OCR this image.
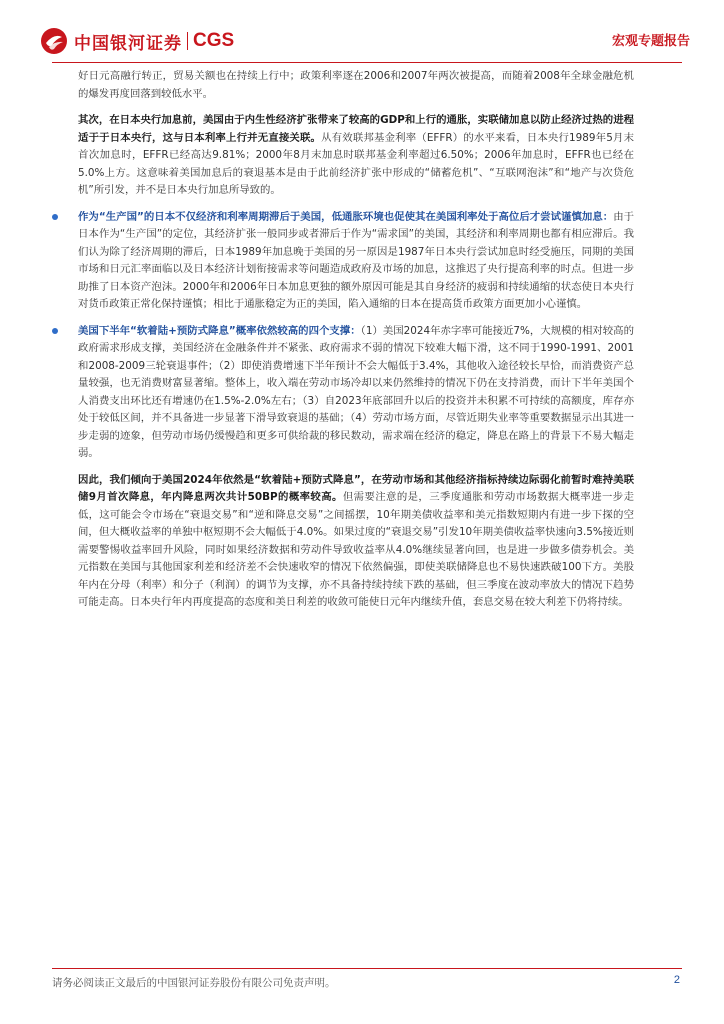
中国银河证券 CGS	宏观专题报告

好日元高融行转正，贸易关额也在持续上行中；政策利率逐在2006和2007年两次被提高，而随着2008年全球金融危机的爆发再度回落到较低水平。

其次，在日本央行加息前，美国由于内生性经济扩张带来了较高的GDP和上行的通胀，实联储加息以防止经济过热的进程适于于日本央行，这与日本利率上行并无直接关联。从有效联邦基金利率（EFFR）的水平来看，日本央行1989年5月末首次加息时，EFFR已经高达9.81%；2000年8月末加息时联邦基金利率超过6.50%；2006年加息时，EFFR也已经在5.0%上方。这意味着美国加息后的衰退基本是由于此前经济扩张中形成的“储蓄危机”、“互联网泡沫”和“地产与次贷危机”所引发，并不是日本央行加息所导致的。

作为“生产国”的日本不仅经济和利率周期滞后于美国，低通胀环境也促使其在美国利率处于高位后才尝试谨慎加息：由于日本作为“生产国”的定位，其经济扩张一般同步或者滞后于作为“需求国”的美国，其经济和利率周期也都有相应滞后。我们认为除了经济周期的滞后，日本1989年加息晚于美国的另一原因是1987年日本央行尝试加息时经受施压，同期的美国市场和日元汇率面临以及日本经济计划衔接需求等问题造成政府及市场的加息，这推迟了央行提高利率的时点。但进一步助推了日本资产泡沫。2000年和2006年日本加息更独的额外原因可能是其自身经济的疲弱和持续通缩的状态使日本央行对货币政策正常化保持谨慎；相比于通胀稳定为正的美国，陷入通缩的日本在提高货币政策方面更加小心谨慎。

美国下半年“软着陆+预防式降息”概率依然较高的四个支撑：（1）美国2024年赤字率可能接近7%，大规模的相对较高的政府需求形成支撑，美国经济在金融条件并不紧张、政府需求不弱的情况下较难大幅下滑，这不同于1990-1991、2001和2008-2009三轮衰退事件；（2）即使消费增速下半年预计不会大幅低于3.4%，其他收入途径较长早恰，而消费资产总量较强，也无消费财富显著缩。整体上，收入端在劳动市场冷却以来仍然维持的情况下仍在支持消费，而计下半年美国个人消费支出环比还有增速仍在1.5%-2.0%左右；（3）自2023年底部回升以后的投资并未积累不可持续的高额度，库存亦处于较低区间，并不具备进一步显著下滑导致衰退的基础；（4）劳动市场方面，尽管近期失业率等重要数据显示出其进一步走弱的迹象，但劳动市场仍缓慢趋和更多可供给裁的移民数动，需求端在经济的稳定，降息在路上的背景下不易大幅走弱。

因此，我们倾向于美国2024年依然是“软着陆+预防式降息”，在劳动市场和其他经济指标持续边际弱化前暂时难持美联储9月首次降息，年内降息两次共计50BP的概率较高。但需要注意的是，三季度通胀和劳动市场数据大概率进一步走低，这可能会令市场在“衰退交易”和“逆和降息交易”之间摇摆，10年期美债收益率和美元指数短期内有进一步下探的空间，但大概收益率的单独中枢短期不会大幅低于4.0%。如果过度的“衰退交易”引发10年期美债收益率快速向3.5%接近则需要警惕收益率回升风险，同时如果经济数据和劳动件导致收益率从4.0%继续显著向回，也是进一步做多债券机会。美元指数在美国与其他国家利差和经济差不会快速收窄的情况下依然偏强，即使美联储降息也不易快速跌破100下方。美股年内在分母（利率）和分子（利润）的调节为支撑，亦不具备持续持续下跌的基础，但三季度在波动率放大的情况下趋势可能走高。日本央行年内再度提高的态度和美日利差的收敛可能使日元年内继续升值，套息交易在较大利差下仍将持续。

请务必阅读正文最后的中国银河证券股份有限公司免责声明。	2
